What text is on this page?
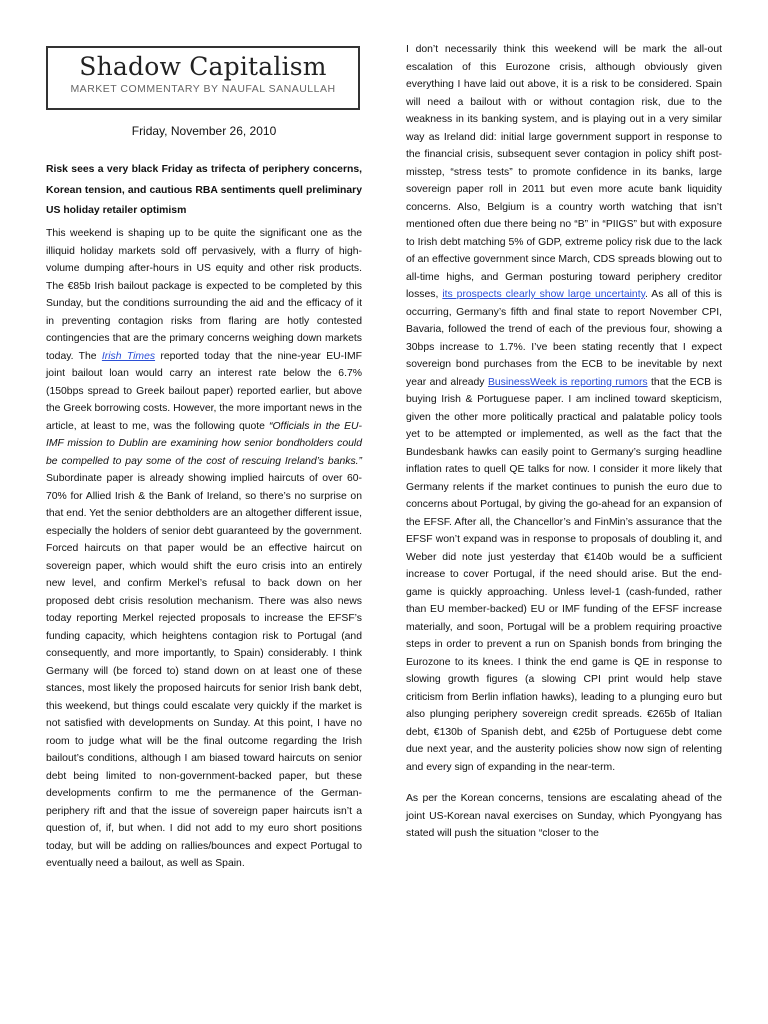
Shadow Capitalism
MARKET COMMENTARY BY NAUFAL SANAULLAH
Friday, November 26, 2010
Risk sees a very black Friday as trifecta of periphery concerns, Korean tension, and cautious RBA sentiments quell preliminary US holiday retailer optimism

This weekend is shaping up to be quite the significant one as the illiquid holiday markets sold off pervasively, with a flurry of high-volume dumping after-hours in US equity and other risk products. The €85b Irish bailout package is expected to be completed by this Sunday, but the conditions surrounding the aid and the efficacy of it in preventing contagion risks from flaring are hotly contested contingencies that are the primary concerns weighing down markets today. The Irish Times reported today that the nine-year EU-IMF joint bailout loan would carry an interest rate below the 6.7% (150bps spread to Greek bailout paper) reported earlier, but above the Greek borrowing costs. However, the more important news in the article, at least to me, was the following quote “Officials in the EU-IMF mission to Dublin are examining how senior bondholders could be compelled to pay some of the cost of rescuing Ireland’s banks.” Subordinate paper is already showing implied haircuts of over 60-70% for Allied Irish & the Bank of Ireland, so there’s no surprise on that end. Yet the senior debtholders are an altogether different issue, especially the holders of senior debt guaranteed by the government. Forced haircuts on that paper would be an effective haircut on sovereign paper, which would shift the euro crisis into an entirely new level, and confirm Merkel’s refusal to back down on her proposed debt crisis resolution mechanism. There was also news today reporting Merkel rejected proposals to increase the EFSF’s funding capacity, which heightens contagion risk to Portugal (and consequently, and more importantly, to Spain) considerably. I think Germany will (be forced to) stand down on at least one of these stances, most likely the proposed haircuts for senior Irish bank debt, this weekend, but things could escalate very quickly if the market is not satisfied with developments on Sunday. At this point, I have no room to judge what will be the final outcome regarding the Irish bailout’s conditions, although I am biased toward haircuts on senior debt being limited to non-government-backed paper, but these developments confirm to me the permanence of the German-periphery rift and that the issue of sovereign paper haircuts isn’t a question of, if, but when. I did not add to my euro short positions today, but will be adding on rallies/bounces and expect Portugal to eventually need a bailout, as well as Spain.

I don’t necessarily think this weekend will be mark the all-out escalation of this Eurozone crisis, although obviously given everything I have laid out above, it is a risk to be considered. Spain will need a bailout with or without contagion risk, due to the weakness in its banking system, and is playing out in a very similar way as Ireland did: initial large government support in response to the financial crisis, subsequent sever contagion in policy shift post-misstep, “stress tests” to promote confidence in its banks, large sovereign paper roll in 2011 but even more acute bank liquidity concerns. Also, Belgium is a country worth watching that isn’t mentioned often due there being no “B” in “PIIGS” but with exposure to Irish debt matching 5% of GDP, extreme policy risk due to the lack of an effective government since March, CDS spreads blowing out to all-time highs, and German posturing toward periphery creditor losses, its prospects clearly show large uncertainty. As all of this is occurring, Germany’s fifth and final state to report November CPI, Bavaria, followed the trend of each of the previous four, showing a 30bps increase to 1.7%. I’ve been stating recently that I expect sovereign bond purchases from the ECB to be inevitable by next year and already BusinessWeek is reporting rumors that the ECB is buying Irish & Portuguese paper. I am inclined toward skepticism, given the other more politically practical and palatable policy tools yet to be attempted or implemented, as well as the fact that the Bundesbank hawks can easily point to Germany’s surging headline inflation rates to quell QE talks for now. I consider it more likely that Germany relents if the market continues to punish the euro due to concerns about Portugal, by giving the go-ahead for an expansion of the EFSF. After all, the Chancellor’s and FinMin’s assurance that the EFSF won’t expand was in response to proposals of doubling it, and Weber did note just yesterday that €140b would be a sufficient increase to cover Portugal, if the need should arise. But the end-game is quickly approaching. Unless level-1 (cash-funded, rather than EU member-backed) EU or IMF funding of the EFSF increase materially, and soon, Portugal will be a problem requiring proactive steps in order to prevent a run on Spanish bonds from bringing the Eurozone to its knees. I think the end game is QE in response to slowing growth figures (a slowing CPI print would help stave criticism from Berlin inflation hawks), leading to a plunging euro but also plunging periphery sovereign credit spreads. €265b of Italian debt, €130b of Spanish debt, and €25b of Portuguese debt come due next year, and the austerity policies show now sign of relenting and every sign of expanding in the near-term.

As per the Korean concerns, tensions are escalating ahead of the joint US-Korean naval exercises on Sunday, which Pyongyang has stated will push the situation “closer to the
